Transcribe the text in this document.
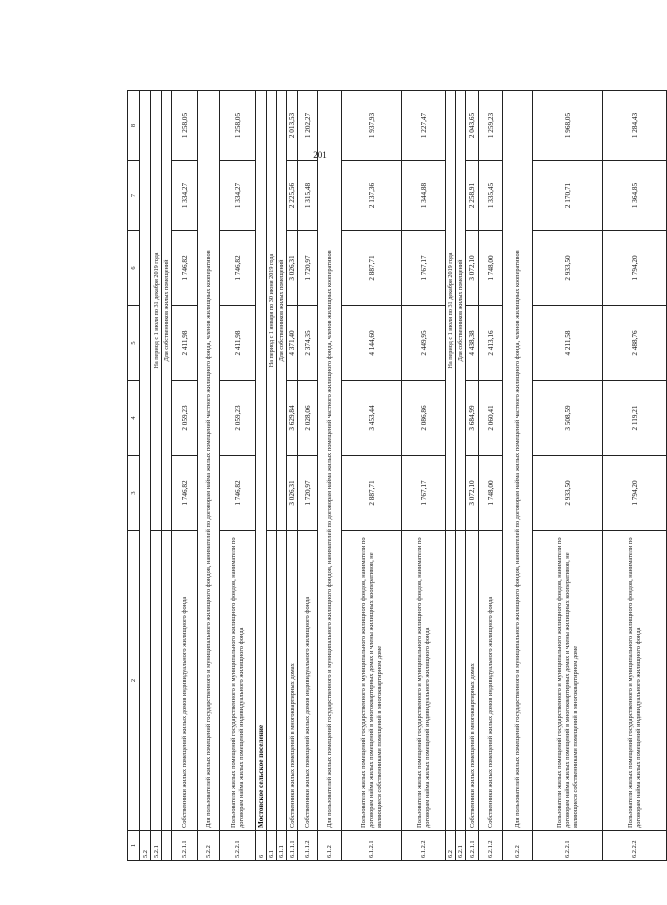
201
1
2
3
4
5
6
7
8
5.2 5.2.1
На период с 1 июля по 31 декабря 2019 года Для собственников жилых помещений
5.2.1.1
Собственники жилых помещений жилых домов индивидуального жилищного фонда
1 746,82
2 059,23
2 411,98
1 746,82
1 334,27
1 258,05
5.2.2
Для пользователей жилых помещений государственного и муниципального жилищного фондов, нанимателей по договорам найма жилых помещений частного жилищного фонда, членов жилищных кооперативов
5.2.2.1
Пользователи жилых помещений государственного и муниципального жилищного фондов, наниматели по договорам найма жилых помещений индивидуального жилищного фонда
1 746,82
2 059,23
2 411,98
1 746,82
1 334,27
1 258,05
6
Мостовское сельское поселение
6.1
На период с 1 января по 30 июня 2019 года
6.1.1
Для собственников жилых помещений
6.1.1.1
Собственники жилых помещений в многоквартирных домах
3 026,31
3 629,84
4 371,40
3 026,31
2 225,56
2 013,53
6.1.1.2
Собственники жилых помещений жилых домов индивидуального жилищного фонда
1 720,97
2 028,06
2 374,35
1 720,97
1 315,48
1 202,27
6.1.2
Для пользователей жилых помещений государственного и муниципального жилищного фондов, нанимателей по договорам найма жилых помещений частного жилищного фонда, членов жилищных кооперативов
6.1.2.1
Пользователи жилых помещений государственного и муниципального жилищного фондов, наниматели по договорам найма жилых помещений в многоквартирных домах и члены жилищных кооперативов, не являющиеся собственниками помещений в многоквартирном доме
2 887,71
3 453,44
4 144,60
2 887,71
2 137,36
1 937,93
6.1.2.2
Пользователи жилых помещений государственного и муниципального жилищного фондов, наниматели по договорам найма жилых помещений индивидуального жилищного фонда
1 767,17
2 086,86
2 449,95
1 767,17
1 344,88
1 227,47
6.2
На период с 1 июля по 31 декабря 2019 года
6.2.1
Для собственников жилых помещений
6.2.1.1
Собственники жилых помещений в многоквартирных домах
3 072,10
3 684,99
4 438,38
3 072,10
2 258,91
2 043,65
6.2.1.2
Собственники жилых помещений жилых домов индивидуального жилищного фонда
1 748,00
2 060,41
2 413,16
1 748,00
1 335,45
1 259,23
6.2.2
Для пользователей жилых помещений государственного и муниципального жилищного фондов, нанимателей по договорам найма жилых помещений частного жилищного фонда, членов жилищных кооперативов
6.2.2.1
Пользователи жилых помещений государственного и муниципального жилищного фондов, наниматели по договорам найма жилых помещений в многоквартирных домах и члены жилищных кооперативов, не являющиеся собственниками помещений в многоквартирном доме
2 933,50
3 508,59
4 211,58
2 933,50
2 170,71
1 968,05
6.2.2.2
Пользователи жилых помещений государственного и муниципального жилищного фондов, наниматели по договорам найма жилых помещений индивидуального жилищного фонда
1 794,20
2 119,21
2 488,76
1 794,20
1 364,85
1 284,43
